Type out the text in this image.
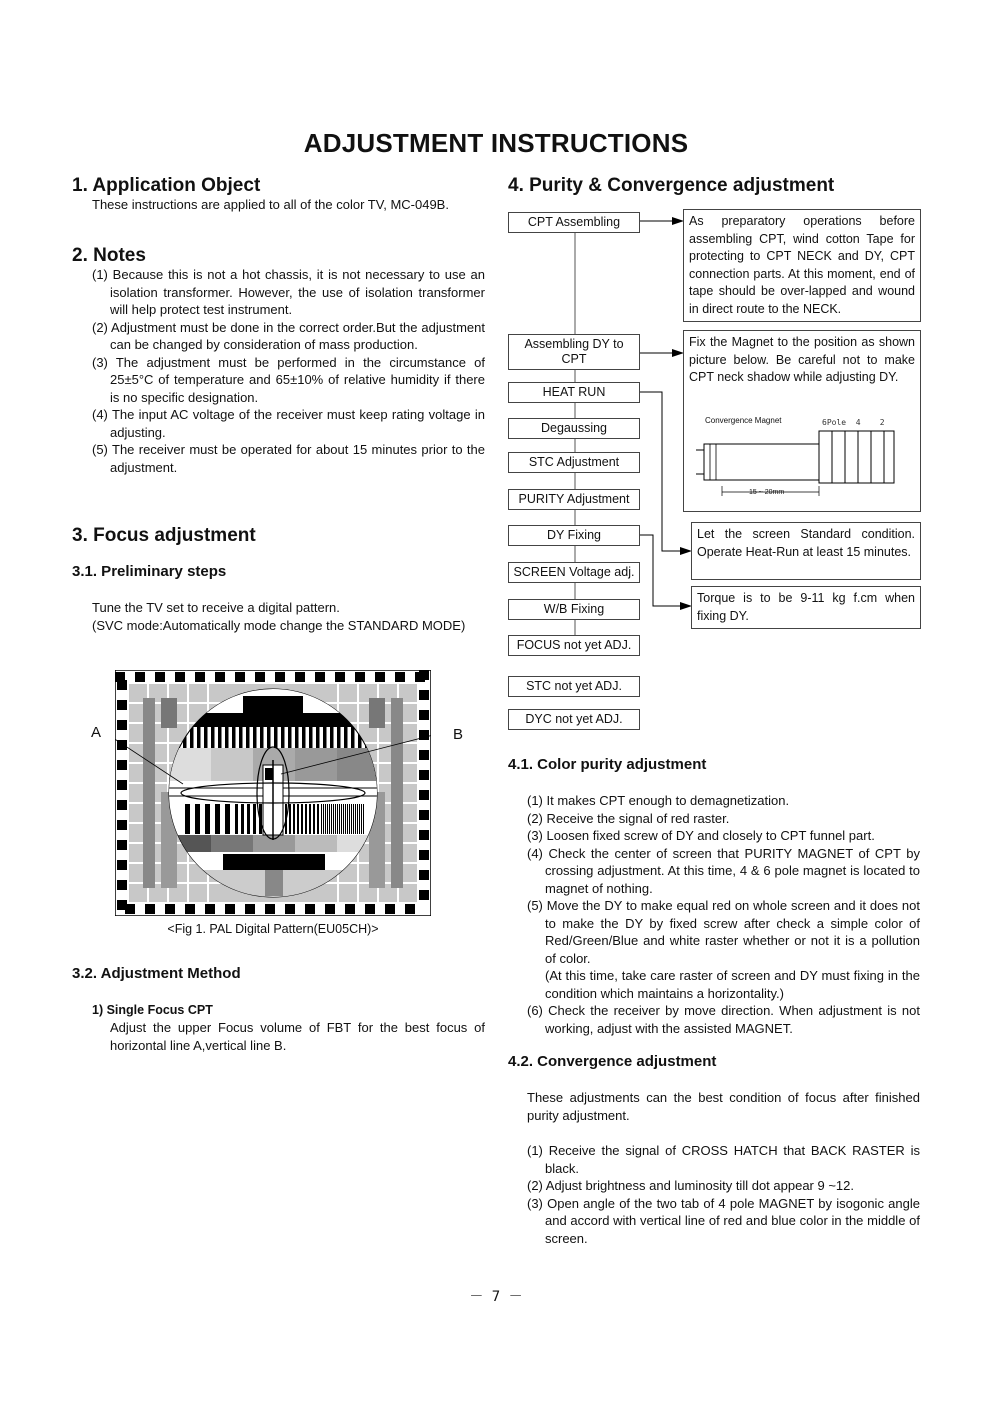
ADJUSTMENT INSTRUCTIONS
1. Application Object
These instructions are applied to all of the color TV, MC-049B.
2. Notes
(1) Because this is not a hot chassis, it is not necessary to use an isolation transformer. However, the use of isolation transformer will help protect test instrument.
(2) Adjustment must be done in the correct order.But the adjustment can be changed by consideration of mass production.
(3) The adjustment must be performed in the circumstance of 25±5°C of temperature and 65±10% of relative humidity if there is no specific designation.
(4) The input AC voltage of the receiver must keep rating voltage in adjusting.
(5) The receiver must be operated for about 15 minutes prior to the adjustment.
3. Focus adjustment
3.1. Preliminary steps
Tune the TV set to receive a digital pattern.
(SVC mode:Automatically mode change the STANDARD MODE)
A	B
<Fig 1. PAL Digital Pattern(EU05CH)>
3.2. Adjustment Method
1) Single Focus CPT
Adjust the upper Focus volume of FBT for the best focus of horizontal line A,vertical line B.
4. Purity & Convergence adjustment
CPT Assembling
Assembling DY to CPT
HEAT RUN
Degaussing
STC Adjustment
PURITY Adjustment
DY Fixing
SCREEN Voltage adj.
W/B Fixing
FOCUS not yet ADJ.
STC not yet ADJ.
DYC not yet ADJ.
As preparatory operations before assembling CPT, wind cotton Tape for protecting to CPT NECK and DY, CPT connection parts. At this moment, end of tape should be over-lapped and wound in direct route to the NECK.
Fix the Magnet to the position as shown picture below. Be careful not to make CPT neck shadow while adjusting DY.
Convergence Magnet	6Pole  4    2
15 ~ 20mm
Let the screen Standard condition. Operate Heat-Run at least 15 minutes.
Torque is to be 9-11 kg f.cm when fixing DY.
4.1. Color purity adjustment
(1) It makes CPT enough to demagnetization.
(2) Receive the signal of red raster.
(3) Loosen fixed screw of DY and closely to CPT funnel part.
(4) Check the center of screen that PURITY MAGNET of CPT by crossing adjustment. At this time, 4 & 6 pole magnet is located to magnet of nothing.
(5) Move the DY to make equal red on whole screen and it does not to make the DY by fixed screw after check a simple color of Red/Green/Blue and white raster whether or not it is a pollution of color.
(At this time, take care raster of screen and DY must fixing in the condition which maintains a horizontality.)
(6) Check the receiver by move direction. When adjustment is not working, adjust with the assisted MAGNET.
4.2. Convergence adjustment
These adjustments can the best condition of focus after finished purity adjustment.
(1) Receive the signal of CROSS HATCH that BACK RASTER is black.
(2) Adjust brightness and luminosity till dot appear 9 ~12.
(3) Open angle of the two tab of 4 pole MAGNET by isogonic angle and accord with vertical line of red and blue color in the middle of screen.
－ 7 －
